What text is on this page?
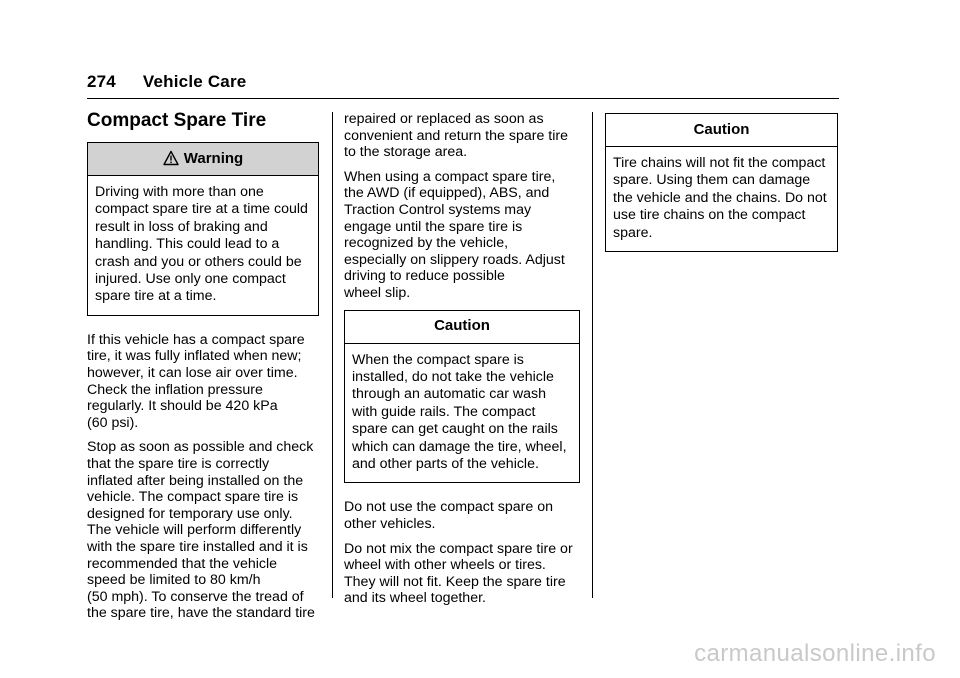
274 Vehicle Care
Compact Spare Tire
Warning
Driving with more than one
compact spare tire at a time could
result in loss of braking and
handling. This could lead to a
crash and you or others could be
injured. Use only one compact
spare tire at a time.

If this vehicle has a compact spare
tire, it was fully inflated when new;
however, it can lose air over time.
Check the inflation pressure
regularly. It should be 420 kPa
(60 psi).

Stop as soon as possible and check
that the spare tire is correctly
inflated after being installed on the
vehicle. The compact spare tire is
designed for temporary use only.
The vehicle will perform differently
with the spare tire installed and it is
recommended that the vehicle
speed be limited to 80 km/h
(50 mph). To conserve the tread of
the spare tire, have the standard tire

repaired or replaced as soon as
convenient and return the spare tire
to the storage area.

When using a compact spare tire,
the AWD (if equipped), ABS, and
Traction Control systems may
engage until the spare tire is
recognized by the vehicle,
especially on slippery roads. Adjust
driving to reduce possible
wheel slip.

Caution
When the compact spare is
installed, do not take the vehicle
through an automatic car wash
with guide rails. The compact
spare can get caught on the rails
which can damage the tire, wheel,
and other parts of the vehicle.

Do not use the compact spare on
other vehicles.

Do not mix the compact spare tire or
wheel with other wheels or tires.
They will not fit. Keep the spare tire
and its wheel together.

Caution
Tire chains will not fit the compact
spare. Using them can damage
the vehicle and the chains. Do not
use tire chains on the compact
spare.
carmanualsonline.info
